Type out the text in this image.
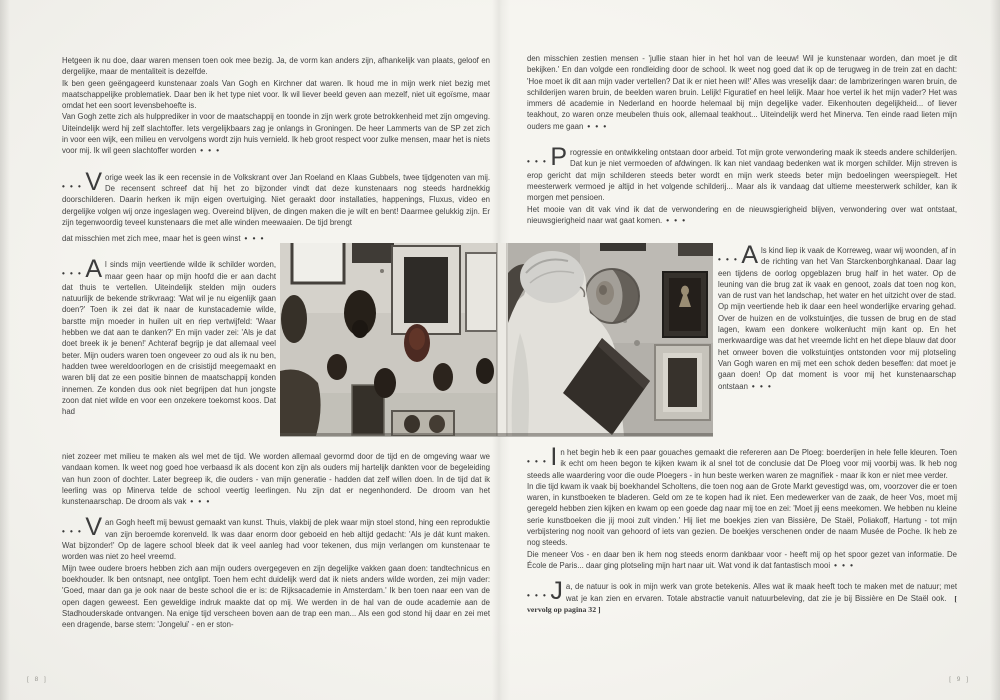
Hetgeen ik nu doe, daar waren mensen toen ook mee bezig. Ja, de vorm kan anders zijn, afhankelijk van plaats, geloof en dergelijke, maar de mentaliteit is dezelfde.

Ik ben geen geëngageerd kunstenaar zoals Van Gogh en Kirchner dat waren. Ik houd me in mijn werk niet bezig met maatschappelijke problematiek. Daar ben ik het type niet voor. Ik wil liever beeld geven aan mezelf, niet uit egoïsme, maar omdat het een soort levensbehoefte is.

Van Gogh zette zich als hulpprediker in voor de maatschappij en toonde in zijn werk grote betrokkenheid met zijn omgeving. Uiteindelijk werd hij zelf slachtoffer. Iets vergelijkbaars zag je onlangs in Groningen. De heer Lammerts van de SP zet zich in voor een wijk, een milieu en vervolgens wordt zijn huis vernield. Ik heb groot respect voor zulke mensen, maar het is niets voor mij. Ik wil geen slachtoffer worden • • •

• • • V orige week las ik een recensie in de Volkskrant over Jan Roeland en Klaas Gubbels, twee tijdgenoten van mij. De recensent schreef dat hij het zo bijzonder vindt dat deze kunstenaars nog steeds hardnekkig doorschilderen. Daarin herken ik mijn eigen overtuiging. Niet geraakt door installaties, happenings, Fluxus, video en dergelijke volgen wij onze ingeslagen weg. Overeind blijven, de dingen maken die je wilt en bent! Daarmee gelukkig zijn. Er zijn tegenwoordig teveel kunstenaars die met alle winden meewaaien. De tijd brengt

dat misschien met zich mee, maar het is geen winst • • •

• • • A l sinds mijn veertiende wilde ik schilder worden, maar geen haar op mijn hoofd die er aan dacht dat thuis te vertellen. Uiteindelijk stelden mijn ouders natuurlijk de bekende strikvraag: 'Wat wil je nu eigenlijk gaan doen?' Toen ik zei dat ik naar de kunstacademie wilde, barstte mijn moeder in huilen uit en riep vertwijfeld: 'Waar hebben we dat aan te danken?' En mijn vader zei: 'Als je dat doet breek ik je benen!' Achteraf begrijp je dat allemaal veel beter. Mijn ouders waren toen ongeveer zo oud als ik nu ben, hadden twee wereldoorlogen en de crisistijd meegemaakt en waren blij dat ze een positie binnen de maatschappij konden innemen. Ze konden dus ook niet begrijpen dat hun jongste zoon dat niet wilde en voor een onzekere toekomst koos. Dat had

niet zozeer met milieu te maken als wel met de tijd. We worden allemaal gevormd door de tijd en de omgeving waar we vandaan komen. Ik weet nog goed hoe verbaasd ik als docent kon zijn als ouders mij hartelijk dankten voor de begeleiding van hun zoon of dochter. Later begreep ik, die ouders - van mijn generatie - hadden dat zelf willen doen. In de tijd dat ik leerling was op Minerva telde de school veertig leerlingen. Nu zijn dat er negenhonderd. De droom van het kunstenaarschap. De droom als vak • • •

• • • V an Gogh heeft mij bewust gemaakt van kunst. Thuis, vlakbij de plek waar mijn stoel stond, hing een reproduktie van zijn beroemde korenveld. Ik was daar enorm door geboeid en heb altijd gedacht: 'Als je dát kunt maken. Wat bijzonder!' Op de lagere school bleek dat ik veel aanleg had voor tekenen, dus mijn verlangen om kunstenaar te worden was niet zo heel vreemd.

Mijn twee oudere broers hebben zich aan mijn ouders overgegeven en zijn degelijke vakken gaan doen: tandtechnicus en boekhouder. Ik ben ontsnapt, nee ontglipt. Toen hem echt duidelijk werd dat ik niets anders wilde worden, zei mijn vader: 'Goed, maar dan ga je ook naar de beste school die er is: de Rijksacademie in Amsterdam.' Ik ben toen naar een van de open dagen geweest. Een geweldige indruk maakte dat op mij. We werden in de hal van de oude academie aan de Stadhouderskade ontvangen. Na enige tijd verscheen boven aan de trap een man... Als een god stond hij daar en zei met een dragende, barse stem: 'Jongelui' - en er ston-

den misschien zestien mensen - 'jullie staan hier in het hol van de leeuw! Wil je kunstenaar worden, dan moet je dit bekijken.' En dan volgde een rondleiding door de school. Ik weet nog goed dat ik op de terugweg in de trein zat en dacht: 'Hoe moet ik dit aan mijn vader vertellen? Dat ik er niet heen wil!' Alles was vreselijk daar: de lambrizeringen waren bruin, de schilderijen waren bruin, de beelden waren bruin. Lelijk! Figuratief en heel lelijk. Maar hoe vertel ik het mijn vader? Het was immers dé academie in Nederland en hoorde helemaal bij mijn degelijke vader. Eikenhouten degelijkheid... of liever teakhout, zo waren onze meubelen thuis ook, allemaal teakhout... Uiteindelijk werd het Minerva. Ten einde raad lieten mijn ouders me gaan • • •

• • • P rogressie en ontwikkeling ontstaan door arbeid. Tot mijn grote verwondering maak ik steeds andere schilderijen. Dat kun je niet vermoeden of afdwingen. Ik kan niet vandaag bedenken wat ik morgen schilder. Mijn streven is erop gericht dat mijn schilderen steeds beter wordt en mijn werk steeds beter mijn bedoelingen weerspiegelt. Het meesterwerk vermoed je altijd in het volgende schilderij... Maar als ik vandaag dat ultieme meesterwerk schilder, kan ik morgen met pensioen.

Het mooie van dit vak vind ik dat de verwondering en de nieuwsgierigheid blijven, verwondering over wat ontstaat, nieuwsgierigheid naar wat gaat komen. • • •

• • • A ls kind liep ik vaak de Korreweg, waar wij woonden, af in de richting van het Van Starckenborghkanaal. Daar lag een tijdens de oorlog opgeblazen brug half in het water. Op de leuning van die brug zat ik vaak en genoot, zoals dat toen nog kon, van de rust van het landschap, het water en het uitzicht over de stad. Op mijn veertiende heb ik daar een heel wonderlijke ervaring gehad. Over de huizen en de volkstuintjes, die tussen de brug en de stad lagen, kwam een donkere wolkenlucht mijn kant op. En het merkwaardige was dat het vreemde licht en het diepe blauw dat door het onweer boven die volkstuintjes ontstonden voor mij plotseling Van Gogh waren en mij met een schok deden beseffen: dat moet je gaan doen! Op dat moment is voor mij het kunstenaarschap ontstaan • • •

• • • I n het begin heb ik een paar gouaches gemaakt die refereren aan De Ploeg: boerderijen in hele felle kleuren. Toen ik echt om heen begon te kijken kwam ik al snel tot de conclusie dat De Ploeg voor mij voorbij was. Ik heb nog steeds alle waardering voor die oude Ploegers - in hun beste werken waren ze magnifiek - maar ik kon er niet mee verder.

In die tijd kwam ik vaak bij boekhandel Scholtens, die toen nog aan de Grote Markt gevestigd was, om, voorzover die er toen waren, in kunstboeken te bladeren. Geld om ze te kopen had ik niet. Een medewerker van de zaak, de heer Vos, moet mij geregeld hebben zien kijken en kwam op een goede dag naar mij toe en zei: 'Moet jij eens meekomen. We hebben nu kleine serie kunstboeken die jij mooi zult vinden.' Hij liet me boekjes zien van Bissière, De Staël, Poliakoff, Hartung - tot mijn verbijstering nog nooit van gehoord of iets van gezien. De boekjes verschenen onder de naam Musée de Poche. Ik heb ze nog steeds.

Die meneer Vos - en daar ben ik hem nog steeds enorm dankbaar voor - heeft mij op het spoor gezet van informatie. De École de Paris... daar ging plotseling mijn hart naar uit. Wat vond ik dat fantastisch mooi • • •

• • • J a, de natuur is ook in mijn werk van grote betekenis. Alles wat ik maak heeft toch te maken met de natuur; met wat je kan zien en ervaren. Totale abstractie vanuit natuurbeleving, dat zie je bij Bissière en De Staël ook. [ vervolg op pagina 32 ]

[ 8 ]	[ 9 ]
